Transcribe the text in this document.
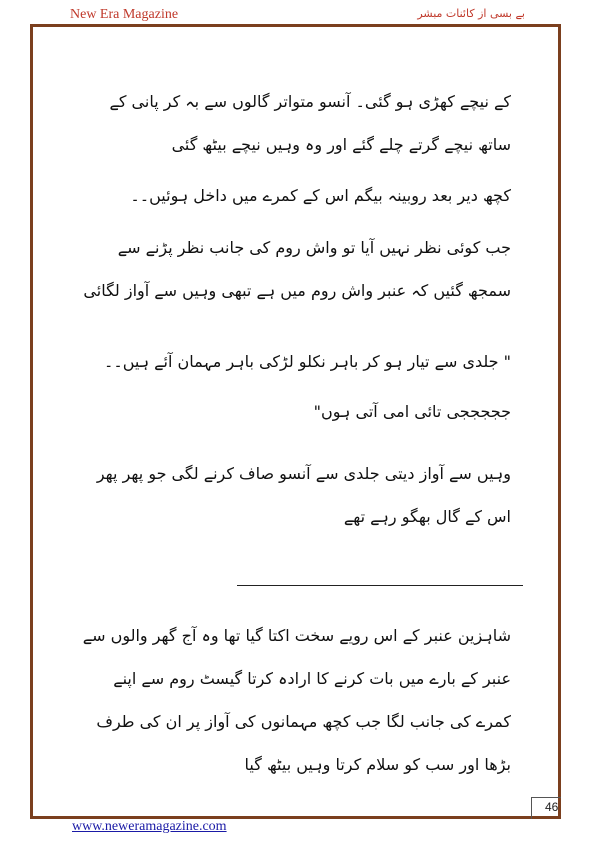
New Era Magazine	بے بسی از کائنات مبشر

کے نیچے کھڑی ہو گئی۔ آنسو متواتر گالوں سے بہ کر پانی کے ساتھ نیچے گرتے چلے گئے اور وہ وہیں نیچے بیٹھ گئی

کچھ دیر بعد روبینہ بیگم اس کے کمرے میں داخل ہوئیں۔۔

جب کوئی نظر نہیں آیا تو واش روم کی جانب نظر پڑنے سے سمجھ گئیں کہ عنبر واش روم میں ہے تبھی وہیں سے آواز لگائی

" جلدی سے تیار ہو کر باہر نکلو لڑکی باہر مہمان آئے ہیں۔۔

جججججی تائی امی آتی ہوں"

وہیں سے آواز دیتی جلدی سے آنسو صاف کرنے لگی جو پھر پھر اس کے گال بھگو رہے تھے

شاہزین عنبر کے اس رویے سخت اکتا گیا تھا وہ آج گھر والوں سے عنبر کے بارے میں بات کرنے کا ارادہ کرتا گیسٹ روم سے اپنے کمرے کی جانب لگا جب کچھ مہمانوں کی آواز پر ان کی طرف بڑھا اور سب کو سلام کرتا وہیں بیٹھ گیا

46
www.neweramagazine.com
